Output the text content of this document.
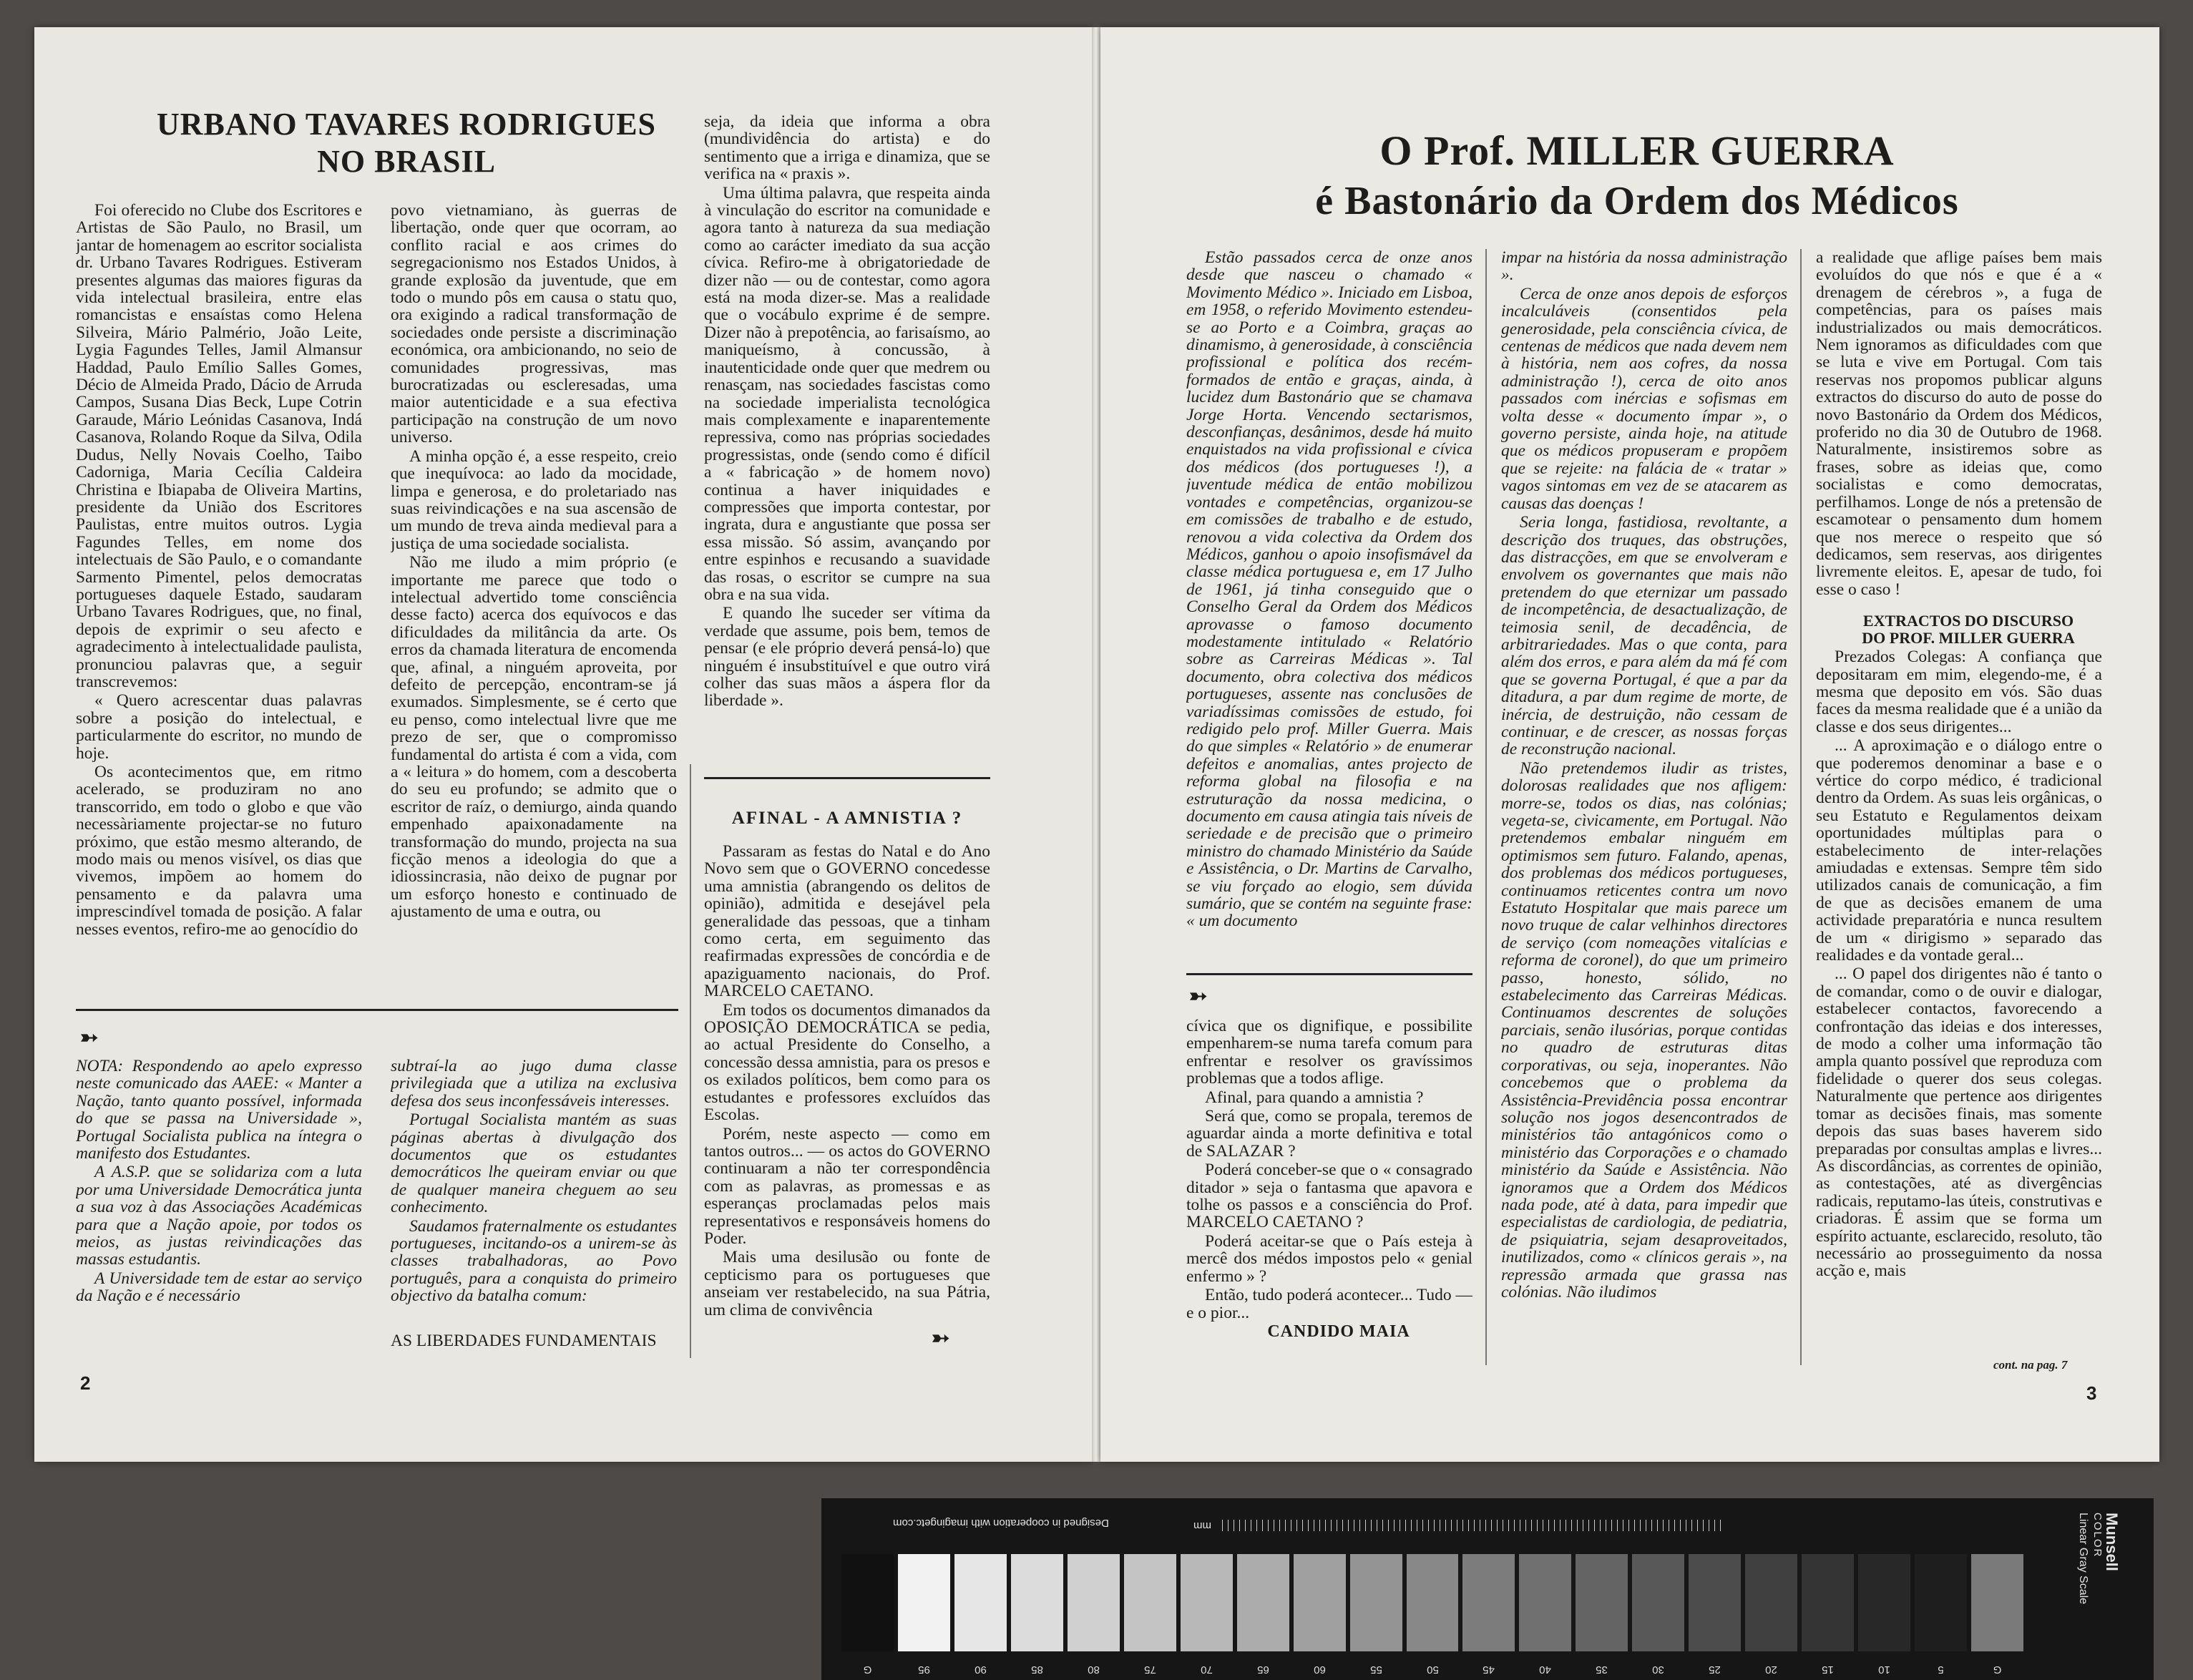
URBANO TAVARES RODRIGUES
NO BRASIL

Foi oferecido no Clube dos Escritores e Artistas de São Paulo, no Brasil, um jantar de homenagem ao escritor socialista dr. Urbano Tavares Rodrigues. Estiveram presentes algumas das maiores figuras da vida intelectual brasileira, entre elas romancistas e ensaístas como Helena Silveira, Mário Palmério, João Leite, Lygia Fagundes Telles, Jamil Almansur Haddad, Paulo Emílio Salles Gomes, Décio de Almeida Prado, Dácio de Arruda Campos, Susana Dias Beck, Lupe Cotrin Garaude, Mário Leónidas Casanova, Indá Casanova, Rolando Roque da Silva, Odila Dudus, Nelly Novais Coelho, Taibo Cadorniga, Maria Cecília Caldeira Christina e Ibiapaba de Oliveira Martins, presidente da União dos Escritores Paulistas, entre muitos outros. Lygia Fagundes Telles, em nome dos intelectuais de São Paulo, e o comandante Sarmento Pimentel, pelos democratas portugueses daquele Estado, saudaram Urbano Tavares Rodrigues, que, no final, depois de exprimir o seu afecto e agradecimento à intelectualidade paulista, pronunciou palavras que, a seguir transcrevemos:

« Quero acrescentar duas palavras sobre a posição do intelectual, e particularmente do escritor, no mundo de hoje.

Os acontecimentos que, em ritmo acelerado, se produziram no ano transcorrido, em todo o globo e que vão necessàriamente projectar-se no futuro próximo, que estão mesmo alterando, de modo mais ou menos visível, os dias que vivemos, impõem ao homem do pensamento e da palavra uma imprescindível tomada de posição. A falar nesses eventos, refiro-me ao genocídio do

povo vietnamiano, às guerras de libertação, onde quer que ocorram, ao conflito racial e aos crimes do segregacionismo nos Estados Unidos, à grande explosão da juventude, que em todo o mundo pôs em causa o statu quo, ora exigindo a radical transformação de sociedades onde persiste a discriminação económica, ora ambicionando, no seio de comunidades progressivas, mas burocratizadas ou escleresadas, uma maior autenticidade e a sua efectiva participação na construção de um novo universo.

A minha opção é, a esse respeito, creio que inequívoca: ao lado da mocidade, limpa e generosa, e do proletariado nas suas reivindicações e na sua ascensão de um mundo de treva ainda medieval para a justiça de uma sociedade socialista.

Não me iludo a mim próprio (e importante me parece que todo o intelectual advertido tome consciência desse facto) acerca dos equívocos e das dificuldades da militância da arte. Os erros da chamada literatura de encomenda que, afinal, a ninguém aproveita, por defeito de percepção, encontram-se já exumados. Simplesmente, se é certo que eu penso, como intelectual livre que me prezo de ser, que o compromisso fundamental do artista é com a vida, com a « leitura » do homem, com a descoberta do seu eu profundo; se admito que o escritor de raíz, o demiurgo, ainda quando empenhado apaixonadamente na transformação do mundo, projecta na sua ficção menos a ideologia do que a idiossincrasia, não deixo de pugnar por um esforço honesto e continuado de ajustamento de uma e outra, ou

seja, da ideia que informa a obra (mundividência do artista) e do sentimento que a irriga e dinamiza, que se verifica na « praxis ».

Uma última palavra, que respeita ainda à vinculação do escritor na comunidade e agora tanto à natureza da sua mediação como ao carácter imediato da sua acção cívica. Refiro-me à obrigatoriedade de dizer não — ou de contestar, como agora está na moda dizer-se. Mas a realidade que o vocábulo exprime é de sempre. Dizer não à prepotência, ao farisaísmo, ao maniqueísmo, à concussão, à inautenticidade onde quer que medrem ou renasçam, nas sociedades fascistas como na sociedade imperialista tecnológica mais complexamente e inaparentemente repressiva, como nas próprias sociedades progressistas, onde (sendo como é difícil a « fabricação » de homem novo) continua a haver iniquidades e compressões que importa contestar, por ingrata, dura e angustiante que possa ser essa missão. Só assim, avançando por entre espinhos e recusando a suavidade das rosas, o escritor se cumpre na sua obra e na sua vida.

E quando lhe suceder ser vítima da verdade que assume, pois bem, temos de pensar (e ele próprio deverá pensá-lo) que ninguém é insubstituível e que outro virá colher das suas mãos a áspera flor da liberdade ».

AFINAL - A AMNISTIA ?

Passaram as festas do Natal e do Ano Novo sem que o GOVERNO concedesse uma amnistia (abrangendo os delitos de opinião), admitida e desejável pela generalidade das pessoas, que a tinham como certa, em seguimento das reafirmadas expressões de concórdia e de apaziguamento nacionais, do Prof. MARCELO CAETANO.

Em todos os documentos dimanados da OPOSIÇÃO DEMOCRÁTICA se pedia, ao actual Presidente do Conselho, a concessão dessa amnistia, para os presos e os exilados políticos, bem como para os estudantes e professores excluídos das Escolas.

Porém, neste aspecto — como em tantos outros... — os actos do GOVERNO continuaram a não ter correspondência com as palavras, as promessas e as esperanças proclamadas pelos mais representativos e responsáveis homens do Poder.

Mais uma desilusão ou fonte de cepticismo para os portugueses que anseiam ver restabelecido, na sua Pátria, um clima de convivência

➳
➳

NOTA: Respondendo ao apelo expresso neste comunicado das AAEE: « Manter a Nação, tanto quanto possível, informada do que se passa na Universidade », Portugal Socialista publica na íntegra o manifesto dos Estudantes.

A A.S.P. que se solidariza com a luta por uma Universidade Democrática junta a sua voz à das Associações Académicas para que a Nação apoie, por todos os meios, as justas reivindicações das massas estudantis.

A Universidade tem de estar ao serviço da Nação e é necessário

subtraí-la ao jugo duma classe privilegiada que a utiliza na exclusiva defesa dos seus inconfessáveis interesses.

Portugal Socialista mantém as suas páginas abertas à divulgação dos documentos que os estudantes democráticos lhe queiram enviar ou que de qualquer maneira cheguem ao seu conhecimento.

Saudamos fraternalmente os estudantes portugueses, incitando-os a unirem-se às classes trabalhadoras, ao Povo português, para a conquista do primeiro objectivo da batalha comum:

AS LIBERDADES FUNDAMENTAIS
2
O Prof. MILLER GUERRA
é Bastonário da Ordem dos Médicos

Estão passados cerca de onze anos desde que nasceu o chamado « Movimento Médico ». Iniciado em Lisboa, em 1958, o referido Movimento estendeu-se ao Porto e a Coimbra, graças ao dinamismo, à generosidade, à consciência profissional e política dos recém-formados de então e graças, ainda, à lucidez dum Bastonário que se chamava Jorge Horta. Vencendo sectarismos, desconfianças, desânimos, desde há muito enquistados na vida profissional e cívica dos médicos (dos portugueses !), a juventude médica de então mobilizou vontades e competências, organizou-se em comissões de trabalho e de estudo, renovou a vida colectiva da Ordem dos Médicos, ganhou o apoio insofismável da classe médica portuguesa e, em 17 Julho de 1961, já tinha conseguido que o Conselho Geral da Ordem dos Médicos aprovasse o famoso documento modestamente intitulado « Relatório sobre as Carreiras Médicas ». Tal documento, obra colectiva dos médicos portugueses, assente nas conclusões de variadíssimas comissões de estudo, foi redigido pelo prof. Miller Guerra. Mais do que simples « Relatório » de enumerar defeitos e anomalias, antes projecto de reforma global na filosofia e na estruturação da nossa medicina, o documento em causa atingia tais níveis de seriedade e de precisão que o primeiro ministro do chamado Ministério da Saúde e Assistência, o Dr. Martins de Carvalho, se viu forçado ao elogio, sem dúvida sumário, que se contém na seguinte frase: « um documento

➳

cívica que os dignifique, e possibilite empenharem-se numa tarefa comum para enfrentar e resolver os gravíssimos problemas que a todos aflige.

Afinal, para quando a amnistia ?

Será que, como se propala, teremos de aguardar ainda a morte definitiva e total de SALAZAR ?

Poderá conceber-se que o « consagrado ditador » seja o fantasma que apavora e tolhe os passos e a consciência do Prof. MARCELO CAETANO ?

Poderá aceitar-se que o País esteja à mercê dos médos impostos pelo « genial enfermo » ?

Então, tudo poderá acontecer... Tudo — e o pior...

CANDIDO MAIA

impar na história da nossa administração ».

Cerca de onze anos depois de esforços incalculáveis (consentidos pela generosidade, pela consciência cívica, de centenas de médicos que nada devem nem à história, nem aos cofres, da nossa administração !), cerca de oito anos passados com inércias e sofismas em volta desse « documento ímpar », o governo persiste, ainda hoje, na atitude que os médicos propuseram e propõem que se rejeite: na falácia de « tratar » vagos sintomas em vez de se atacarem as causas das doenças !

Seria longa, fastidiosa, revoltante, a descrição dos truques, das obstruções, das distracções, em que se envolveram e envolvem os governantes que mais não pretendem do que eternizar um passado de incompetência, de desactualização, de teimosia senil, de decadência, de arbitrariedades. Mas o que conta, para além dos erros, e para além da má fé com que se governa Portugal, é que a par da ditadura, a par dum regime de morte, de inércia, de destruição, não cessam de continuar, e de crescer, as nossas forças de reconstrução nacional.

Não pretendemos iludir as tristes, dolorosas realidades que nos afligem: morre-se, todos os dias, nas colónias; vegeta-se, cìvicamente, em Portugal. Não pretendemos embalar ninguém em optimismos sem futuro. Falando, apenas, dos problemas dos médicos portugueses, continuamos reticentes contra um novo Estatuto Hospitalar que mais parece um novo truque de calar velhinhos directores de serviço (com nomeações vitalícias e reforma de coronel), do que um primeiro passo, honesto, sólido, no estabelecimento das Carreiras Médicas. Continuamos descrentes de soluções parciais, senão ilusórias, porque contidas no quadro de estruturas ditas corporativas, ou seja, inoperantes. Não concebemos que o problema da Assistência-Previdência possa encontrar solução nos jogos desencontrados de ministérios tão antagónicos como o ministério das Corporações e o chamado ministério da Saúde e Assistência. Não ignoramos que a Ordem dos Médicos nada pode, até à data, para impedir que especialistas de cardiologia, de pediatria, de psiquiatria, sejam desaproveitados, inutilizados, como « clínicos gerais », na repressão armada que grassa nas colónias. Não iludimos

a realidade que aflige países bem mais evoluídos do que nós e que é a « drenagem de cérebros », a fuga de competências, para os países mais industrializados ou mais democráticos. Nem ignoramos as dificuldades com que se luta e vive em Portugal. Com tais reservas nos propomos publicar alguns extractos do discurso do auto de posse do novo Bastonário da Ordem dos Médicos, proferido no dia 30 de Outubro de 1968. Naturalmente, insistiremos sobre as frases, sobre as ideias que, como socialistas e como democratas, perfilhamos. Longe de nós a pretensão de escamotear o pensamento dum homem que nos merece o respeito que só dedicamos, sem reservas, aos dirigentes livremente eleitos. E, apesar de tudo, foi esse o caso !

EXTRACTOS DO DISCURSO

DO PROF. MILLER GUERRA

Prezados Colegas: A confiança que depositaram em mim, elegendo-me, é a mesma que deposito em vós. São duas faces da mesma realidade que é a união da classe e dos seus dirigentes...

... A aproximação e o diálogo entre o que poderemos denominar a base e o vértice do corpo médico, é tradicional dentro da Ordem. As suas leis orgânicas, o seu Estatuto e Regulamentos deixam oportunidades múltiplas para o estabelecimento de inter-relações amiudadas e extensas. Sempre têm sido utilizados canais de comunicação, a fim de que as decisões emanem de uma actividade preparatória e nunca resultem de um « dirigismo » separado das realidades e da vontade geral...

... O papel dos dirigentes não é tanto o de comandar, como o de ouvir e dialogar, estabelecer contactos, favorecendo a confrontação das ideias e dos interesses, de modo a colher uma informação tão ampla quanto possível que reproduza com fidelidade o querer dos seus colegas. Naturalmente que pertence aos dirigentes tomar as decisões finais, mas somente depois das suas bases haverem sido preparadas por consultas amplas e livres... As discordâncias, as correntes de opinião, as contestações, até as divergências radicais, reputamo-las úteis, construtivas e criadoras. É assim que se forma um espírito actuante, esclarecido, resoluto, tão necessário ao prosseguimento da nossa acção e, mais

cont. na pag. 7
3
Designed in cooperation with imagingetc.com	mm
G	95	90	85	80	75	70	65	60	55	50	45	40	35	30	25	20	15	10	5	G
Munsell
COLOR
Linear Gray Scale
